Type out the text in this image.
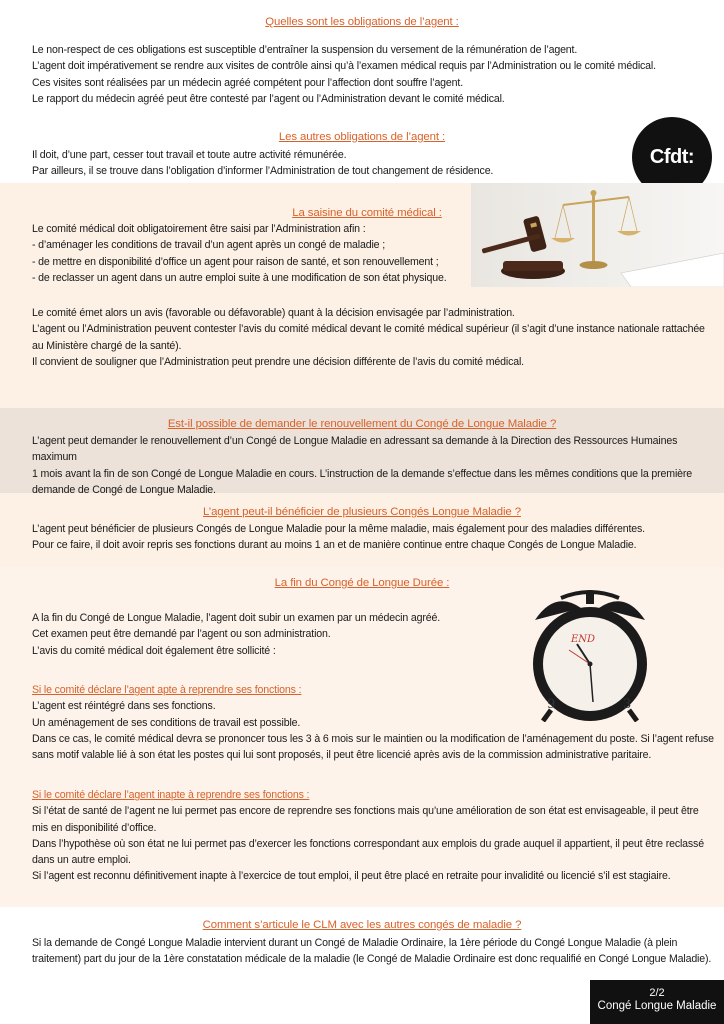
Quelles sont les obligations de l’agent :

Le non-respect de ces obligations est susceptible d’entraîner la suspension du versement de la rémunération de l’agent.

L’agent doit impérativement se rendre aux visites de contrôle ainsi qu’à l’examen médical requis par l’Administration ou le comité médical.

Ces visites sont réalisées par un médecin agréé compétent pour l’affection dont souffre l’agent.

Le rapport du médecin agréé peut être contesté par l’agent ou l’Administration devant le comité médical.

Les autres obligations de l’agent :

Il doit, d’une part, cesser tout travail et toute autre activité rémunérée.

Par ailleurs, il se trouve dans l’obligation d’informer l’Administration de tout changement de résidence.

Cfdt:
La saisine du comité médical :

Le comité médical doit obligatoirement être saisi par l’Administration afin :

- d’aménager les conditions de travail d’un agent après un congé de maladie ;

- de mettre en disponibilité d’office un agent pour raison de santé, et son renouvellement ;

- de reclasser un agent dans un autre emploi suite à une modification de son état physique.

Le comité émet alors un avis (favorable ou défavorable) quant à la décision envisagée par l’administration.

L’agent ou l’Administration peuvent contester l’avis du comité médical devant le comité médical supérieur (il s’agit d’une instance nationale rattachée

au Ministère chargé de la santé).

Il convient de souligner que l’Administration peut prendre une décision différente de l’avis du comité médical.

Est-il possible de demander le renouvellement du Congé de Longue Maladie ?

L’agent peut demander le renouvellement d’un Congé de Longue Maladie en adressant sa demande à la Direction des Ressources Humaines maximum

1 mois avant la fin de son Congé de Longue Maladie en cours. L’instruction de la demande s’effectue dans les mêmes conditions que la première

demande de Congé de Longue Maladie.

L’agent peut-il bénéficier de plusieurs Congés Longue Maladie ?

L’agent peut bénéficier de plusieurs Congés de Longue Maladie pour la même maladie, mais également pour des maladies différentes.

Pour ce faire, il doit avoir repris ses fonctions durant au moins 1 an et de manière continue entre chaque Congés de Longue Maladie.

La fin du Congé de Longue Durée :

A la fin du Congé de Longue Maladie, l’agent doit subir un examen par un médecin agréé.

Cet examen peut être demandé par l’agent ou son administration.

L’avis du comité médical doit également être sollicité :

Si le comité déclare l’agent apte à reprendre ses fonctions :

L’agent est réintégré dans ses fonctions.

Un aménagement de ses conditions de travail est possible.

Dans ce cas, le comité médical devra se prononcer tous les 3 à 6 mois sur le maintien ou la modification de l’aménagement du poste. Si l’agent refuse

sans motif valable lié à son état les postes qui lui sont proposés, il peut être licencié après avis de la commission administrative paritaire.

Si le comité déclare l’agent inapte à reprendre ses fonctions :

Si l’état de santé de l’agent ne lui permet pas encore de reprendre ses fonctions mais qu’une amélioration de son état est envisageable, il peut être

mis en disponibilité d’office.

Dans l’hypothèse où son état ne lui permet pas d’exercer les fonctions correspondant aux emplois du grade auquel il appartient, il peut être reclassé

dans un autre emploi.

Si l’agent est reconnu définitivement inapte à l’exercice de tout emploi, il peut être placé en retraite pour invalidité ou licencié s’il est stagiaire.

9	3
END
Comment s’articule le CLM avec les autres congés de maladie ?

Si la demande de Congé Longue Maladie intervient durant un Congé de Maladie Ordinaire, la 1ère période du Congé Longue Maladie (à plein

traitement) part du jour de la 1ère constatation médicale de la maladie (le Congé de Maladie Ordinaire est donc requalifié en Congé Longue Maladie).

2/2
Congé Longue Maladie
